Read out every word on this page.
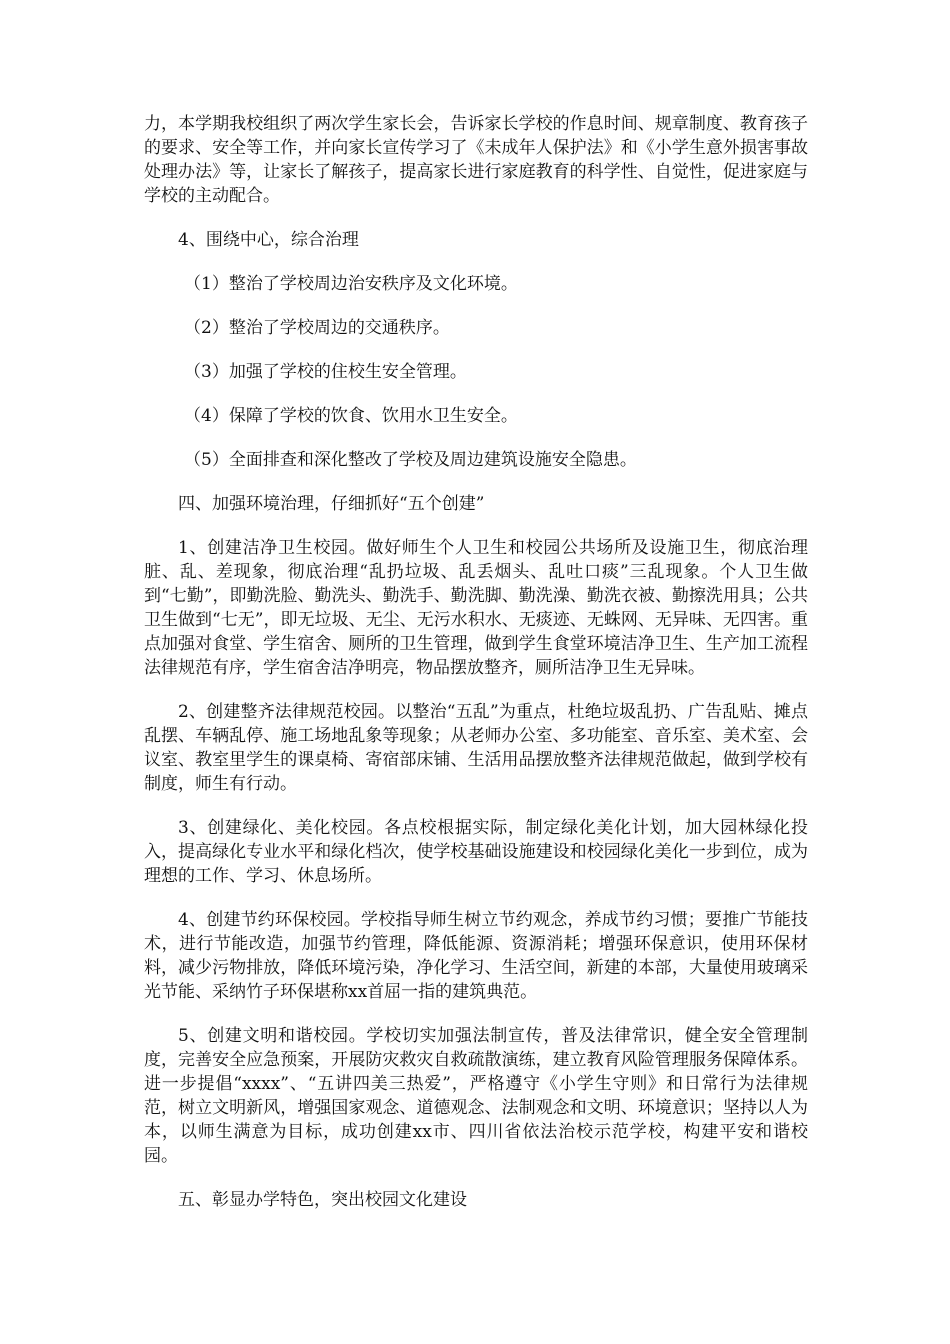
力，本学期我校组织了两次学生家长会，告诉家长学校的作息时间、规章制度、教育孩子的要求、安全等工作，并向家长宣传学习了《未成年人保护法》和《小学生意外损害事故处理办法》等，让家长了解孩子，提高家长进行家庭教育的科学性、自觉性，促进家庭与学校的主动配合。

4、围绕中心，综合治理

（1）整治了学校周边治安秩序及文化环境。

（2）整治了学校周边的交通秩序。

（3）加强了学校的住校生安全管理。

（4）保障了学校的饮食、饮用水卫生安全。

（5）全面排查和深化整改了学校及周边建筑设施安全隐患。

四、加强环境治理，仔细抓好“五个创建”

1、创建洁净卫生校园。做好师生个人卫生和校园公共场所及设施卫生，彻底治理脏、乱、差现象，彻底治理“乱扔垃圾、乱丢烟头、乱吐口痰”三乱现象。个人卫生做到“七勤”，即勤洗脸、勤洗头、勤洗手、勤洗脚、勤洗澡、勤洗衣被、勤擦洗用具；公共卫生做到“七无”，即无垃圾、无尘、无污水积水、无痰迹、无蛛网、无异味、无四害。重点加强对食堂、学生宿舍、厕所的卫生管理，做到学生食堂环境洁净卫生、生产加工流程法律规范有序，学生宿舍洁净明亮，物品摆放整齐，厕所洁净卫生无异味。

2、创建整齐法律规范校园。以整治“五乱”为重点，杜绝垃圾乱扔、广告乱贴、摊点乱摆、车辆乱停、施工场地乱象等现象；从老师办公室、多功能室、音乐室、美术室、会议室、教室里学生的课桌椅、寄宿部床铺、生活用品摆放整齐法律规范做起，做到学校有制度，师生有行动。

3、创建绿化、美化校园。各点校根据实际，制定绿化美化计划，加大园林绿化投入，提高绿化专业水平和绿化档次，使学校基础设施建设和校园绿化美化一步到位，成为理想的工作、学习、休息场所。

4、创建节约环保校园。学校指导师生树立节约观念，养成节约习惯；要推广节能技术，进行节能改造，加强节约管理，降低能源、资源消耗；增强环保意识，使用环保材料，减少污物排放，降低环境污染，净化学习、生活空间，新建的本部，大量使用玻璃采光节能、采纳竹子环保堪称xx首屈一指的建筑典范。

5、创建文明和谐校园。学校切实加强法制宣传，普及法律常识，健全安全管理制度，完善安全应急预案，开展防灾救灾自救疏散演练，建立教育风险管理服务保障体系。进一步提倡“xxxx”、“五讲四美三热爱”，严格遵守《小学生守则》和日常行为法律规范，树立文明新风，增强国家观念、道德观念、法制观念和文明、环境意识；坚持以人为本，以师生满意为目标，成功创建xx市、四川省依法治校示范学校，构建平安和谐校园。

五、彰显办学特色，突出校园文化建设
